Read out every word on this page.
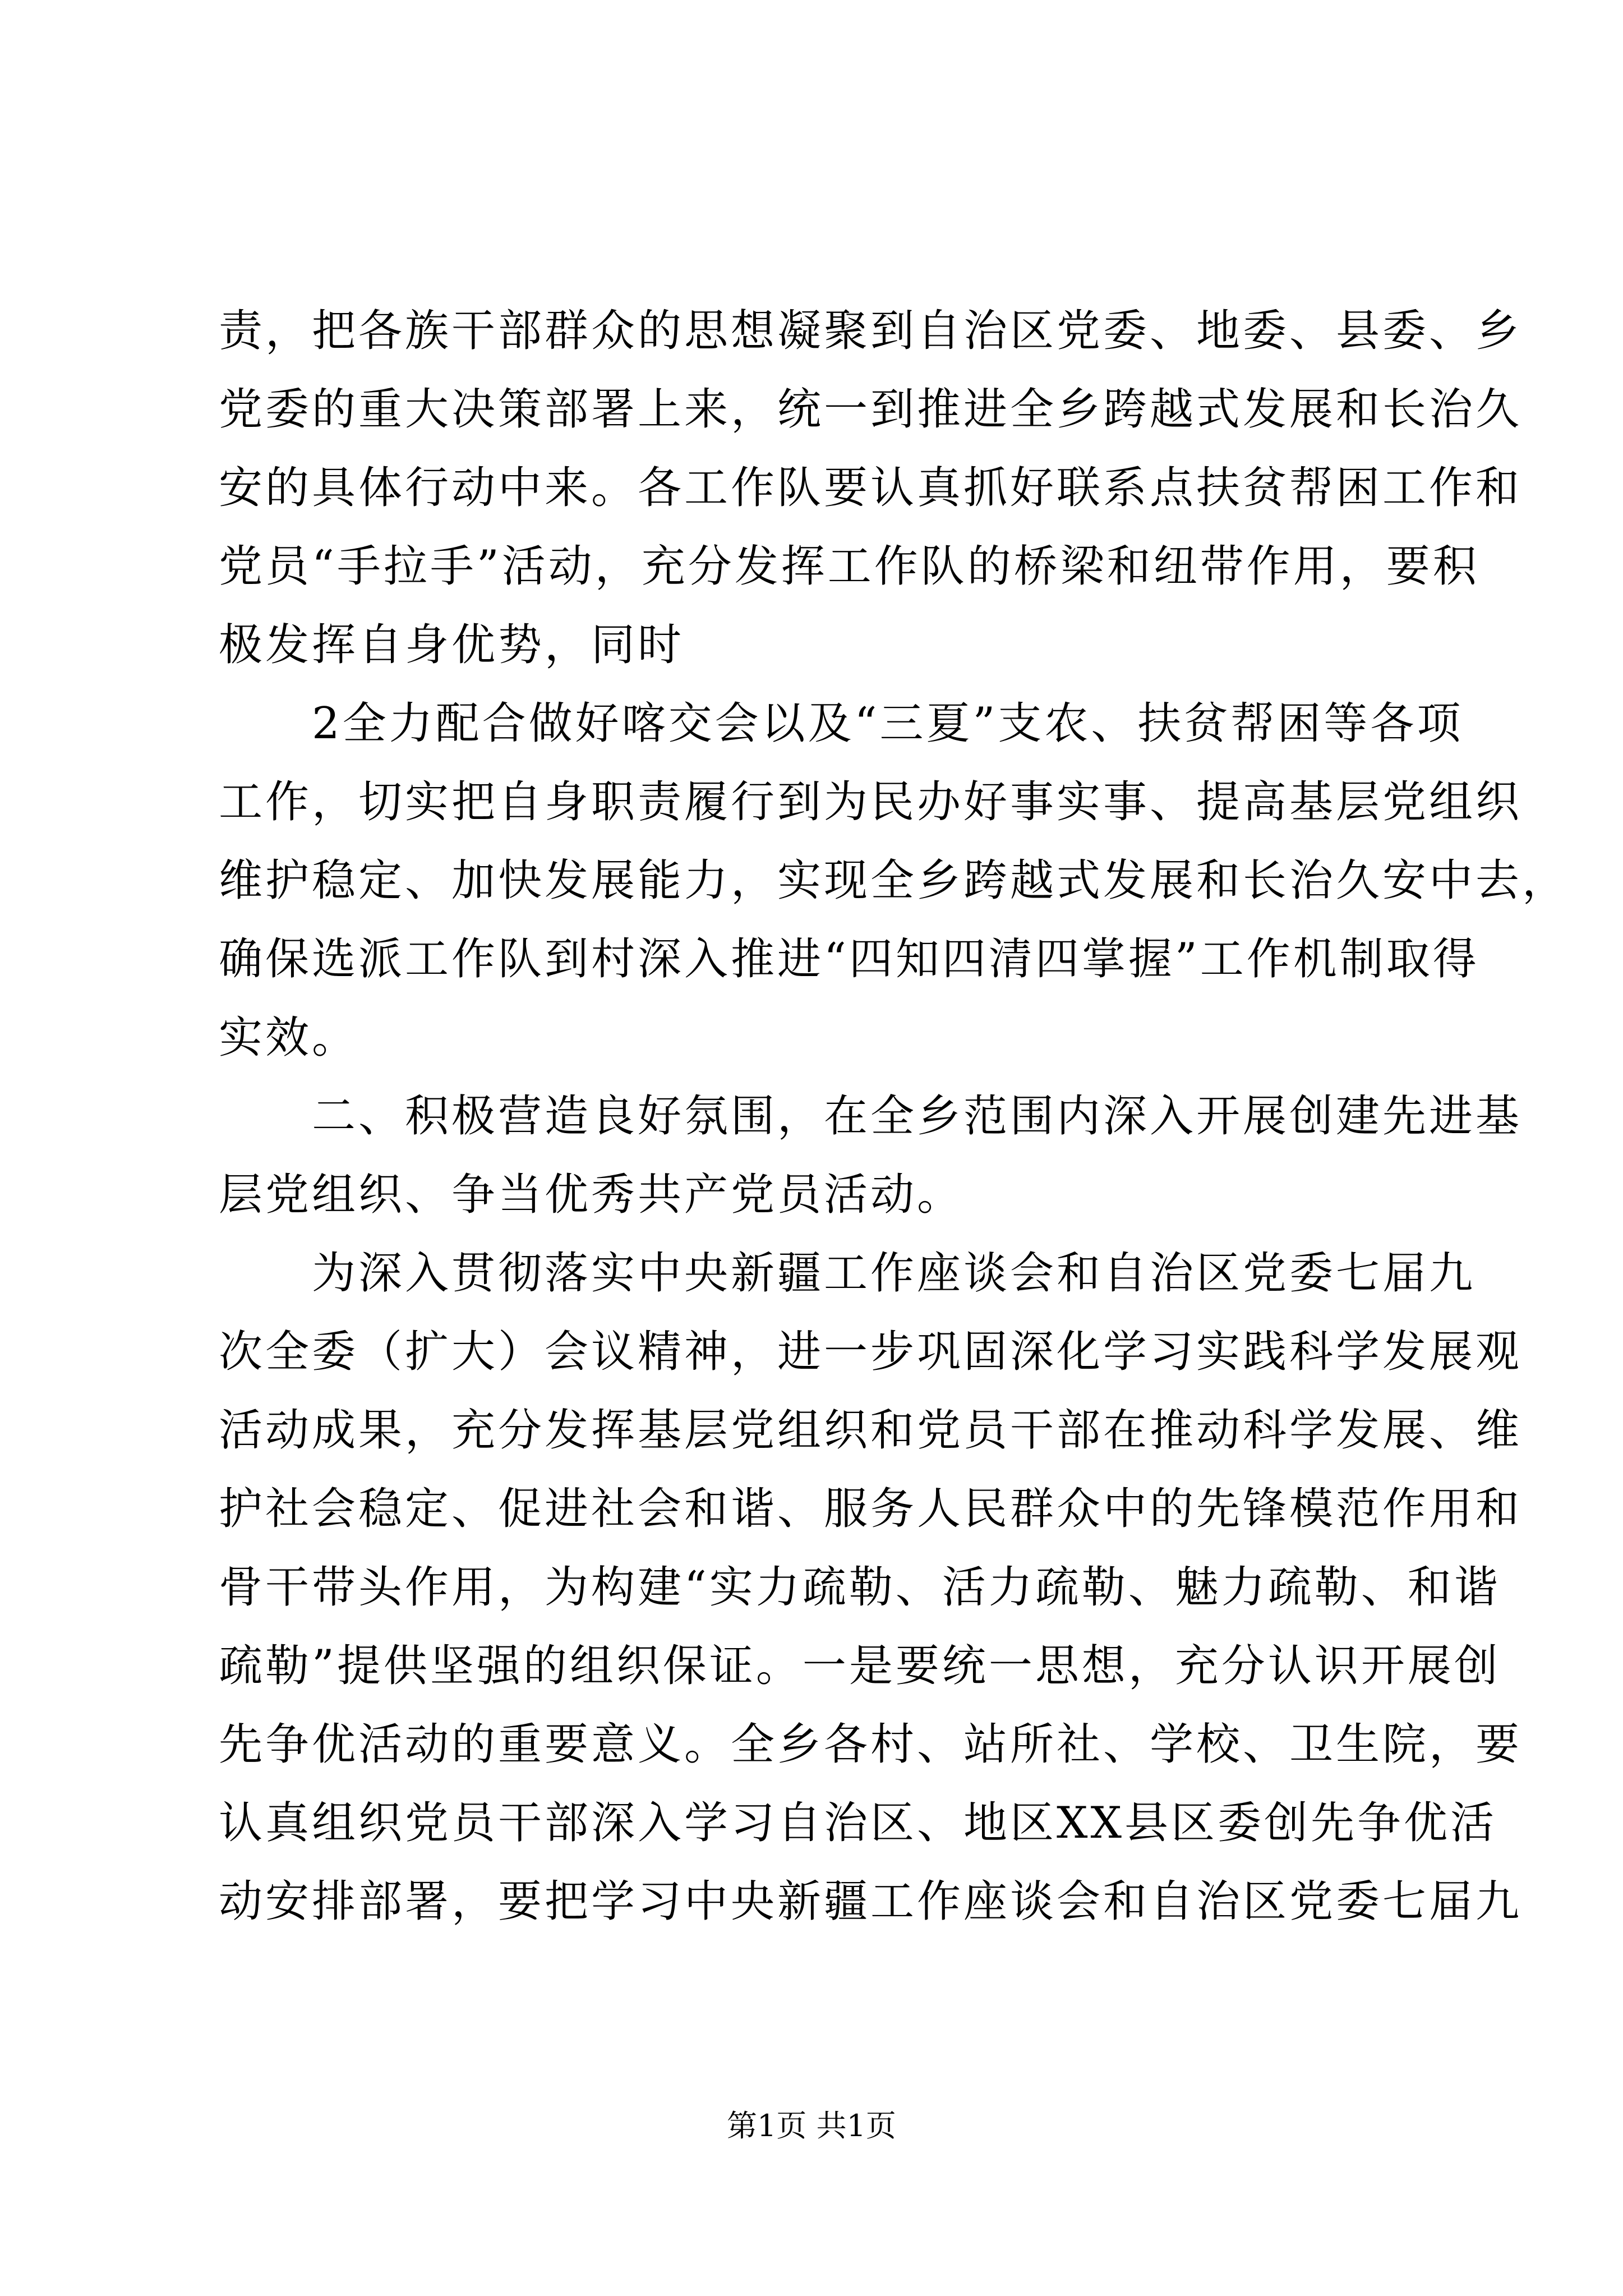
责，把各族干部群众的思想凝聚到自治区党委、地委、县委、乡
党委的重大决策部署上来，统一到推进全乡跨越式发展和长治久
安的具体行动中来。各工作队要认真抓好联系点扶贫帮困工作和
党员“手拉手”活动，充分发挥工作队的桥梁和纽带作用，要积
极发挥自身优势，同时
　　2全力配合做好喀交会以及“三夏”支农、扶贫帮困等各项
工作，切实把自身职责履行到为民办好事实事、提高基层党组织
维护稳定、加快发展能力，实现全乡跨越式发展和长治久安中去，
确保选派工作队到村深入推进“四知四清四掌握”工作机制取得
实效。
　　二、积极营造良好氛围，在全乡范围内深入开展创建先进基
层党组织、争当优秀共产党员活动。
　　为深入贯彻落实中央新疆工作座谈会和自治区党委七届九
次全委（扩大）会议精神，进一步巩固深化学习实践科学发展观
活动成果，充分发挥基层党组织和党员干部在推动科学发展、维
护社会稳定、促进社会和谐、服务人民群众中的先锋模范作用和
骨干带头作用，为构建“实力疏勒、活力疏勒、魅力疏勒、和谐
疏勒”提供坚强的组织保证。一是要统一思想，充分认识开展创
先争优活动的重要意义。全乡各村、站所社、学校、卫生院，要
认真组织党员干部深入学习自治区、地区XX县区委创先争优活
动安排部署，要把学习中央新疆工作座谈会和自治区党委七届九
第1页 共1页
